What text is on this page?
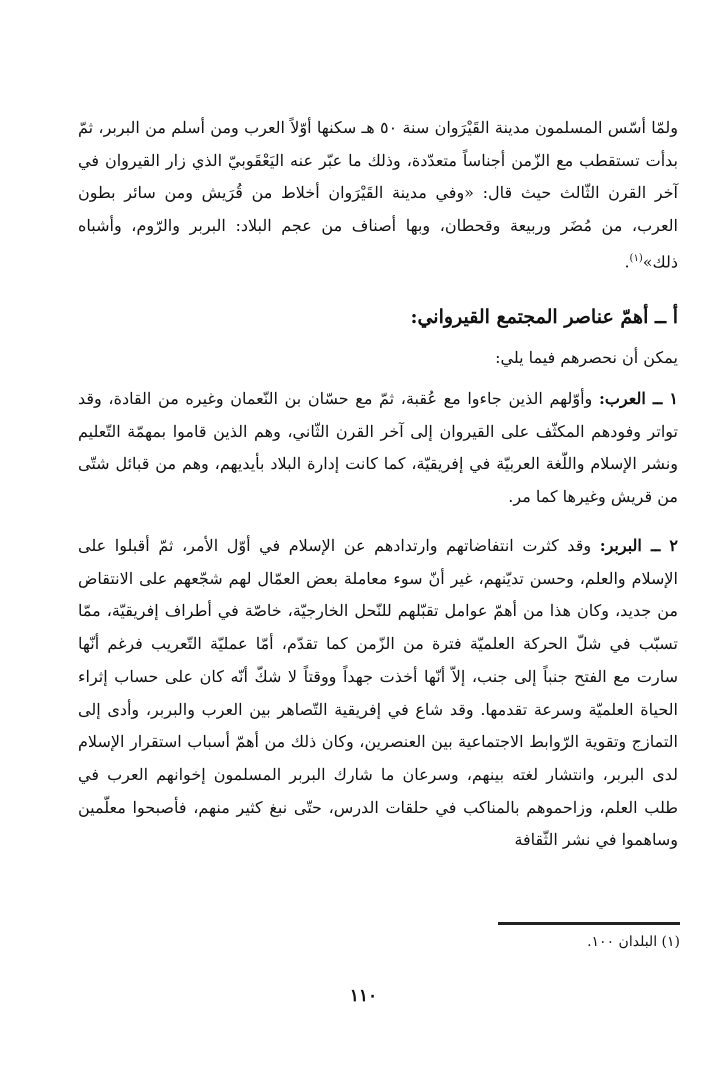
ولمّا أسّس المسلمون مدينة القَيْرَوان سنة ٥٠ هـ سكنها أوّلاً العرب ومن أسلم من البربر، ثمّ بدأت تستقطب مع الزّمن أجناساً متعدّدة، وذلك ما عبّر عنه اليَعْقَوبيّ الذي زار القيروان في آخر القرن الثّالث حيث قال: «وفي مدينة القَيْرَوان أخلاط من قُرَيش ومن سائر بطون العرب، من مُضَر وربيعة وقحطان، وبها أصناف من عجم البلاد: البربر والرّوم، وأشباه ذلك»$^{(١)}$.

أ ــ أهمّ عناصر المجتمع القيرواني:

يمكن أن نحصرهم فيما يلي:

١ ــ العرب: وأوّلهم الذين جاءوا مع عُقبة، ثمّ مع حسّان بن النّعمان وغيره من القادة، وقد تواتر وفودهم المكثّف على القيروان إلى آخر القرن الثّاني، وهم الذين قاموا بمهمّة التّعليم ونشر الإسلام واللّغة العربيّة في إفريقيّة، كما كانت إدارة البلاد بأيديهم، وهم من قبائل شتّى من قريش وغيرها كما مر.

٢ ــ البربر: وقد كثرت انتفاضاتهم وارتدادهم عن الإسلام في أوّل الأمر، ثمّ أقبلوا على الإسلام والعلم، وحسن تديّنهم، غير أنّ سوء معاملة بعض العمّال لهم شجّعهم على الانتقاض من جديد، وكان هذا من أهمّ عوامل تقبّلهم للنّحل الخارجيّة، خاصّة في أطراف إفريقيّة، ممّا تسبّب في شلّ الحركة العلميّة فترة من الزّمن كما تقدّم، أمّا عمليّة التّعريب فرغم أنّها سارت مع الفتح جنباً إلى جنب، إلاّ أنّها أخذت جهداً ووقتاً لا شكّ أنّه كان على حساب إثراء الحياة العلميّة وسرعة تقدمها. وقد شاع في إفريقية التّصاهر بين العرب والبربر، وأدى إلى التمازج وتقوية الرّوابط الاجتماعية بين العنصرين، وكان ذلك من أهمّ أسباب استقرار الإسلام لدى البربر، وانتشار لغته بينهم، وسرعان ما شارك البربر المسلمون إخوانهم العرب في طلب العلم، وزاحموهم بالمناكب في حلقات الدرس، حتّى نبغ كثير منهم، فأصبحوا معلّمين وساهموا في نشر الثّقافة

(١) البلدان ١٠٠.

١١٠
